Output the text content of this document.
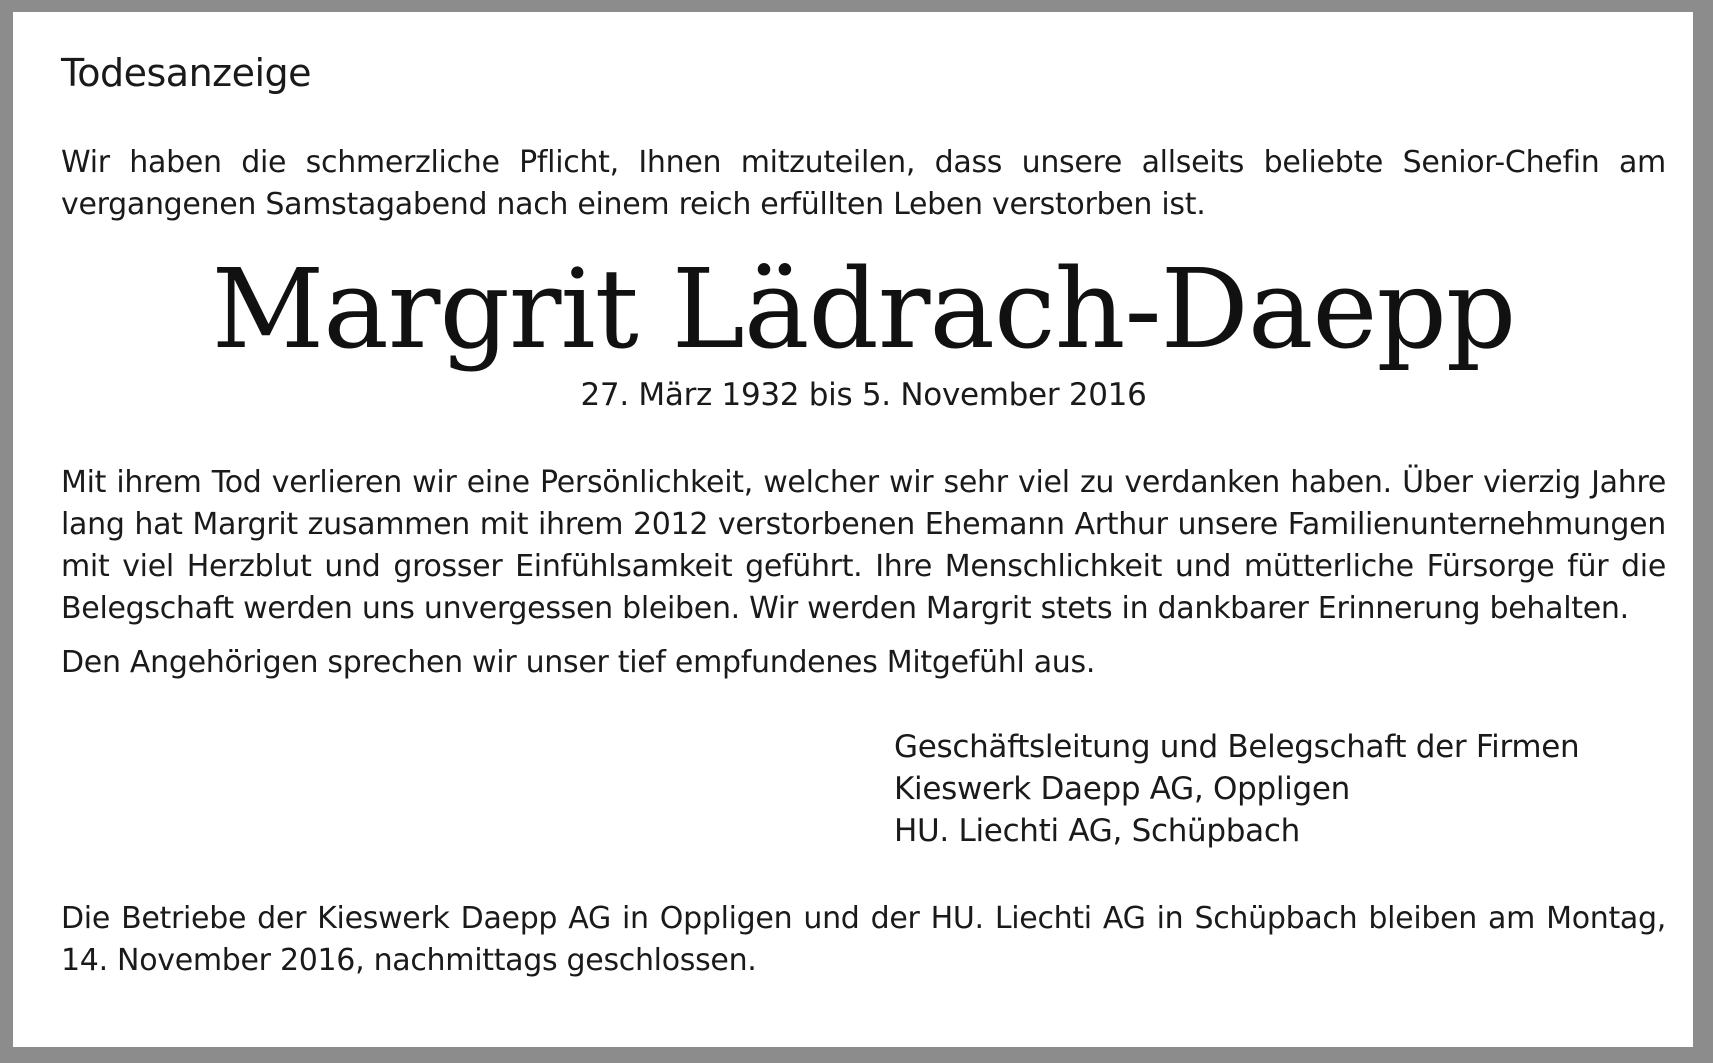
Todesanzeige

Wir haben die schmerzliche Pflicht, Ihnen mitzuteilen, dass unsere allseits beliebte Senior-Chefin am vergangenen Samstagabend nach einem reich erfüllten Leben verstorben ist.

Margrit Lädrach-Daepp

27. März 1932 bis 5. November 2016

Mit ihrem Tod verlieren wir eine Persönlichkeit, welcher wir sehr viel zu verdanken haben. Über vierzig Jahre lang hat Margrit zusammen mit ihrem 2012 verstorbenen Ehemann Arthur unsere Familienunternehmungen mit viel Herzblut und grosser Einfühlsamkeit geführt. Ihre Menschlichkeit und mütterliche Fürsorge für die Belegschaft werden uns unvergessen bleiben. Wir werden Margrit stets in dankbarer Erinnerung behalten.

Den Angehörigen sprechen wir unser tief empfundenes Mitgefühl aus.

Geschäftsleitung und Belegschaft der Firmen
Kieswerk Daepp AG, Oppligen
HU. Liechti AG, Schüpbach

Die Betriebe der Kieswerk Daepp AG in Oppligen und der HU. Liechti AG in Schüpbach bleiben am Montag, 14. November 2016, nachmittags geschlossen.
